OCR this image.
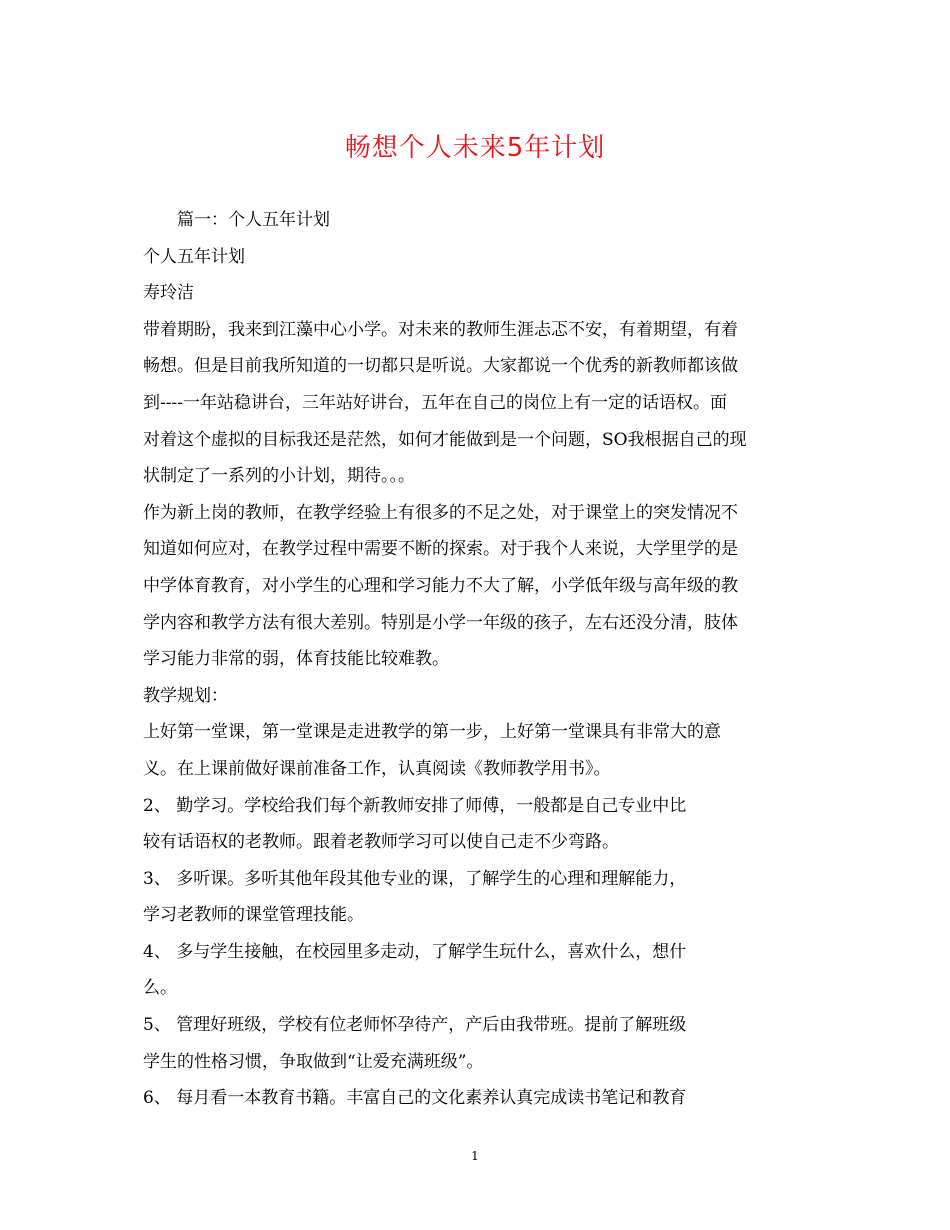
畅想个人未来5年计划
篇一：个人五年计划
个人五年计划
寿玲洁
带着期盼，我来到江藻中心小学。对未来的教师生涯忐忑不安，有着期望，有着
畅想。但是目前我所知道的一切都只是听说。大家都说一个优秀的新教师都该做
到----一年站稳讲台，三年站好讲台，五年在自己的岗位上有一定的话语权。面
对着这个虚拟的目标我还是茫然，如何才能做到是一个问题，SO我根据自己的现
状制定了一系列的小计划，期待。。。
作为新上岗的教师，在教学经验上有很多的不足之处，对于课堂上的突发情况不
知道如何应对，在教学过程中需要不断的探索。对于我个人来说，大学里学的是
中学体育教育，对小学生的心理和学习能力不大了解，小学低年级与高年级的教
学内容和教学方法有很大差别。特别是小学一年级的孩子，左右还没分清，肢体
学习能力非常的弱，体育技能比较难教。
教学规划：
上好第一堂课，第一堂课是走进教学的第一步，上好第一堂课具有非常大的意
义。在上课前做好课前准备工作，认真阅读《教师教学用书》。
2、 勤学习。学校给我们每个新教师安排了师傅，一般都是自己专业中比
较有话语权的老教师。跟着老教师学习可以使自己走不少弯路。
3、 多听课。多听其他年段其他专业的课，了解学生的心理和理解能力，
学习老教师的课堂管理技能。
4、 多与学生接触，在校园里多走动，了解学生玩什么，喜欢什么，想什
么。
5、 管理好班级，学校有位老师怀孕待产，产后由我带班。提前了解班级
学生的性格习惯，争取做到“让爱充满班级”。
6、 每月看一本教育书籍。丰富自己的文化素养认真完成读书笔记和教育
1
